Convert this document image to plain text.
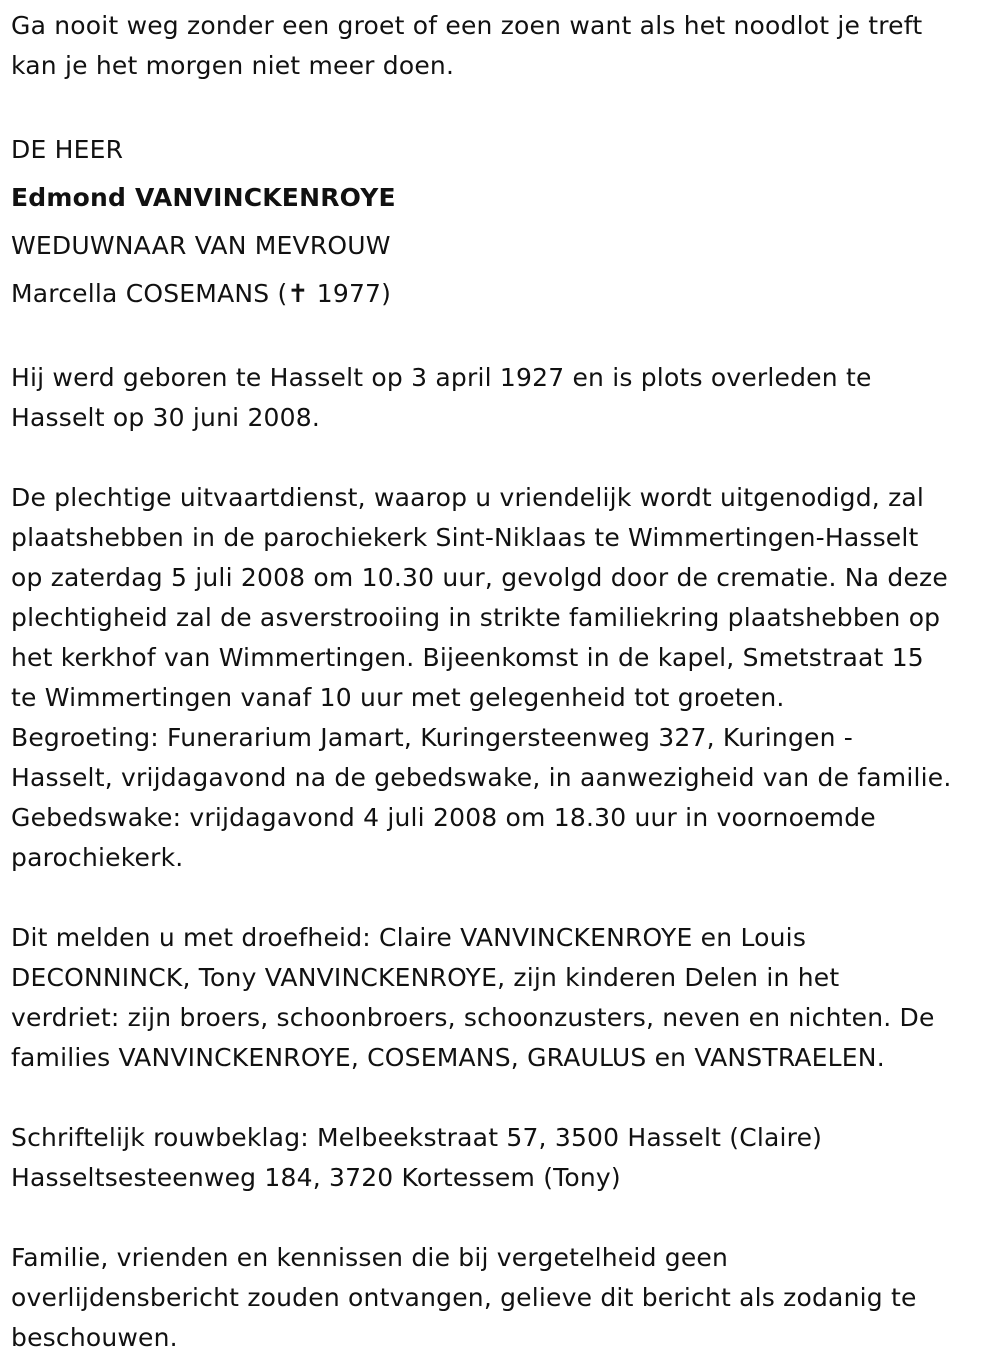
Ga nooit weg zonder een groet of een zoen want als het noodlot je treft
kan je het morgen niet meer doen.

DE HEER

Edmond VANVINCKENROYE

WEDUWNAAR VAN MEVROUW

Marcella COSEMANS (✝ 1977)

Hij werd geboren te Hasselt op 3 april 1927 en is plots overleden te
Hasselt op 30 juni 2008.

De plechtige uitvaartdienst, waarop u vriendelijk wordt uitgenodigd, zal
plaatshebben in de parochiekerk Sint-Niklaas te Wimmertingen-Hasselt
op zaterdag 5 juli 2008 om 10.30 uur, gevolgd door de crematie. Na deze
plechtigheid zal de asverstrooiing in strikte familiekring plaatshebben op
het kerkhof van Wimmertingen. Bijeenkomst in de kapel, Smetstraat 15
te Wimmertingen vanaf 10 uur met gelegenheid tot groeten.
Begroeting: Funerarium Jamart, Kuringersteenweg 327, Kuringen -
Hasselt, vrijdagavond na de gebedswake, in aanwezigheid van de familie.
Gebedswake: vrijdagavond 4 juli 2008 om 18.30 uur in voornoemde
parochiekerk.

Dit melden u met droefheid: Claire VANVINCKENROYE en Louis
DECONNINCK, Tony VANVINCKENROYE, zijn kinderen Delen in het
verdriet: zijn broers, schoonbroers, schoonzusters, neven en nichten. De
families VANVINCKENROYE, COSEMANS, GRAULUS en VANSTRAELEN.

Schriftelijk rouwbeklag: Melbeekstraat 57, 3500 Hasselt (Claire)
Hasseltsesteenweg 184, 3720 Kortessem (Tony)

Familie, vrienden en kennissen die bij vergetelheid geen
overlijdensbericht zouden ontvangen, gelieve dit bericht als zodanig te
beschouwen.
